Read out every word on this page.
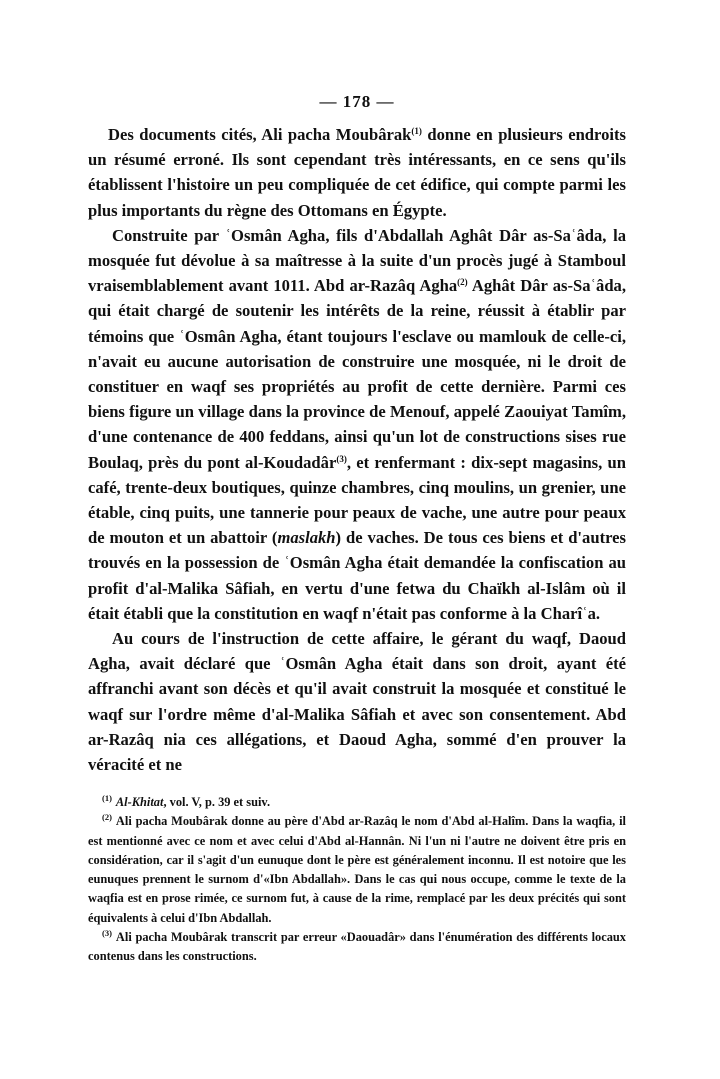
— 178 —

Des documents cités, Ali pacha Moubârak$^{(1)}$ donne en plusieurs endroits un résumé erroné. Ils sont cependant très intéressants, en ce sens qu'ils établissent l'histoire un peu compliquée de cet édifice, qui compte parmi les plus importants du règne des Ottomans en Égypte.

Construite par ʿOsmân Agha, fils d'Abdallah Aghât Dâr as-Saʿâda, la mosquée fut dévolue à sa maîtresse à la suite d'un procès jugé à Stamboul vraisemblablement avant 1011. Abd ar-Razâq Agha$^{(2)}$ Aghât Dâr as-Saʿâda, qui était chargé de soutenir les intérêts de la reine, réussit à établir par témoins que ʿOsmân Agha, étant toujours l'esclave ou mamlouk de celle-ci, n'avait eu aucune autorisation de construire une mosquée, ni le droit de constituer en waqf ses propriétés au profit de cette dernière. Parmi ces biens figure un village dans la province de Menouf, appelé Zaouiyat Tamîm, d'une contenance de 400 feddans, ainsi qu'un lot de constructions sises rue Boulaq, près du pont al-Koudadâr$^{(3)}$, et renfermant : dix-sept magasins, un café, trente-deux boutiques, quinze chambres, cinq moulins, un grenier, une étable, cinq puits, une tannerie pour peaux de vache, une autre pour peaux de mouton et un abattoir (maslakh) de vaches. De tous ces biens et d'autres trouvés en la possession de ʿOsmân Agha était demandée la confiscation au profit d'al-Malika Sâfiah, en vertu d'une fetwa du Chaïkh al-Islâm où il était établi que la constitution en waqf n'était pas conforme à la Charîʿa.

Au cours de l'instruction de cette affaire, le gérant du waqf, Daoud Agha, avait déclaré que ʿOsmân Agha était dans son droit, ayant été affranchi avant son décès et qu'il avait construit la mosquée et constitué le waqf sur l'ordre même d'al-Malika Sâfiah et avec son consentement. Abd ar-Razâq nia ces allégations, et Daoud Agha, sommé d'en prouver la véracité et ne

$^{(1)}$ Al-Khitat, vol. V, p. 39 et suiv.

$^{(2)}$ Ali pacha Moubârak donne au père d'Abd ar-Razâq le nom d'Abd al-Halîm. Dans la waqfia, il est mentionné avec ce nom et avec celui d'Abd al-Hannân. Ni l'un ni l'autre ne doivent être pris en considération, car il s'agit d'un eunuque dont le père est généralement inconnu. Il est notoire que les eunuques prennent le surnom d'«Ibn Abdallah». Dans le cas qui nous occupe, comme le texte de la waqfia est en prose rimée, ce surnom fut, à cause de la rime, remplacé par les deux précités qui sont équivalents à celui d'Ibn Abdallah.

$^{(3)}$ Ali pacha Moubârak transcrit par erreur «Daouadâr» dans l'énumération des différents locaux contenus dans les constructions.
